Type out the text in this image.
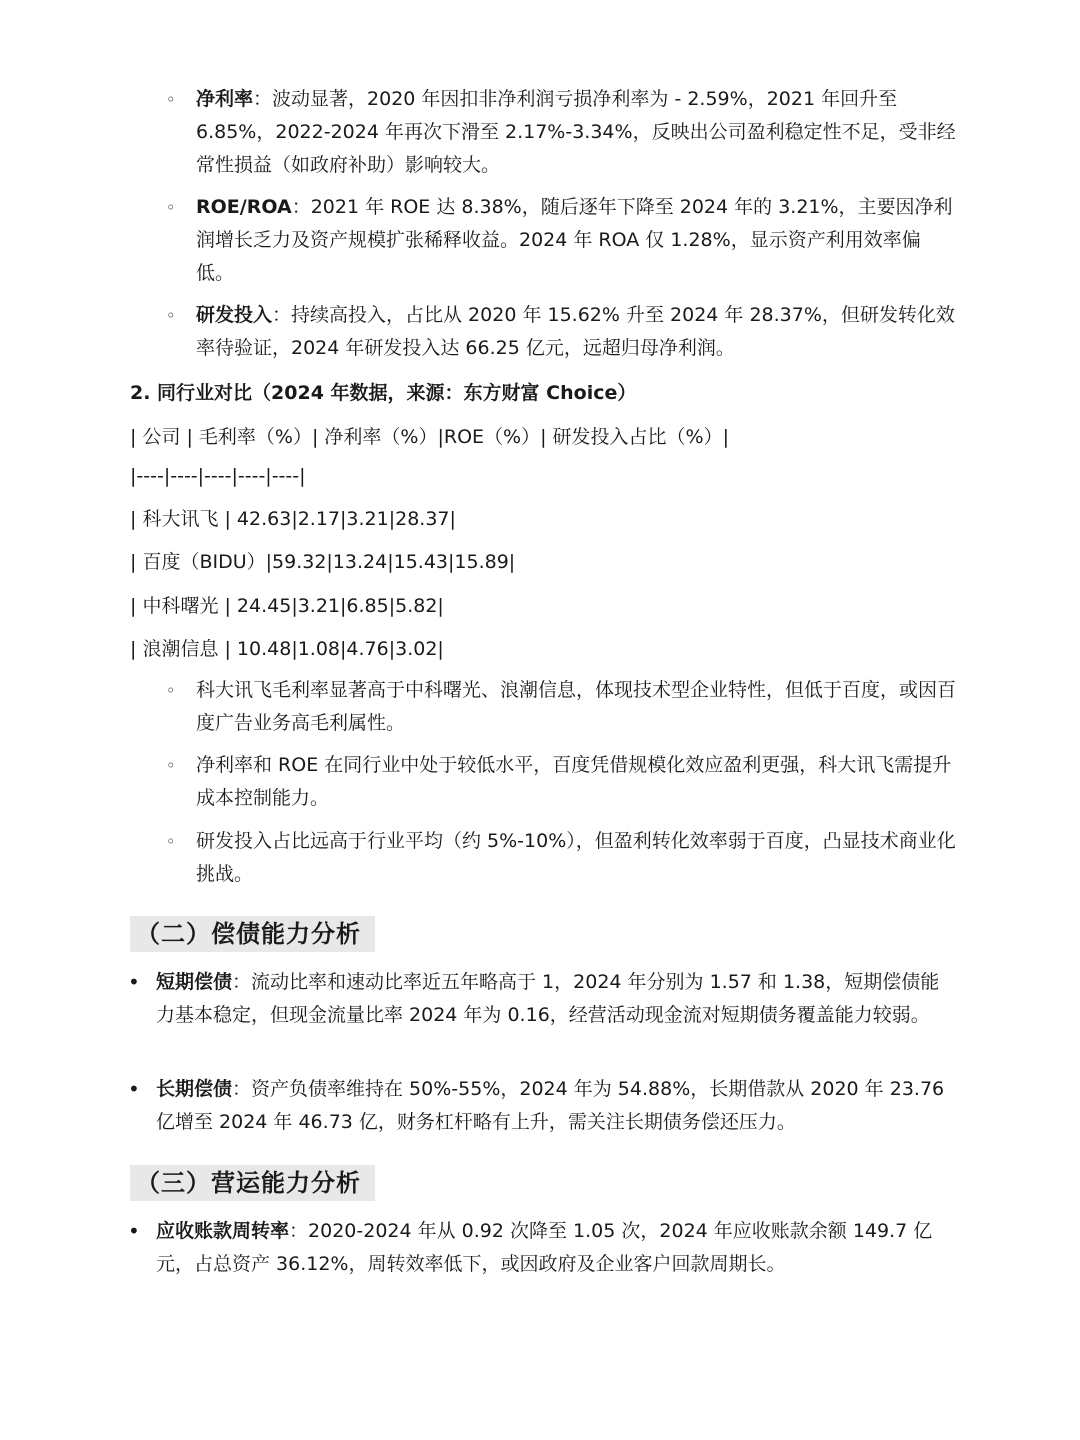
◦ 净利率：波动显著，2020 年因扣非净利润亏损净利率为 - 2.59%，2021 年回升至 6.85%，2022-2024 年再次下滑至 2.17%-3.34%，反映出公司盈利稳定性不足，受非经常性损益（如政府补助）影响较大。
◦ ROE/ROA：2021 年 ROE 达 8.38%，随后逐年下降至 2024 年的 3.21%，主要因净利润增长乏力及资产规模扩张稀释收益。2024 年 ROA 仅 1.28%，显示资产利用效率偏低。
◦ 研发投入：持续高投入，占比从 2020 年 15.62% 升至 2024 年 28.37%，但研发转化效率待验证，2024 年研发投入达 66.25 亿元，远超归母净利润。
2. 同行业对比（2024 年数据，来源：东方财富 Choice）
| 公司 | 毛利率（%）| 净利率（%）|ROE（%）| 研发投入占比（%）|
|----|----|----|----|----|
| 科大讯飞 | 42.63|2.17|3.21|28.37|
| 百度（BIDU）|59.32|13.24|15.43|15.89|
| 中科曙光 | 24.45|3.21|6.85|5.82|
| 浪潮信息 | 10.48|1.08|4.76|3.02|
◦ 科大讯飞毛利率显著高于中科曙光、浪潮信息，体现技术型企业特性，但低于百度，或因百度广告业务高毛利属性。
◦ 净利率和 ROE 在同行业中处于较低水平，百度凭借规模化效应盈利更强，科大讯飞需提升成本控制能力。
◦ 研发投入占比远高于行业平均（约 5%-10%），但盈利转化效率弱于百度，凸显技术商业化挑战。
（二）偿债能力分析
• 短期偿债：流动比率和速动比率近五年略高于 1，2024 年分别为 1.57 和 1.38，短期偿债能力基本稳定，但现金流量比率 2024 年为 0.16，经营活动现金流对短期债务覆盖能力较弱。
• 长期偿债：资产负债率维持在 50%-55%，2024 年为 54.88%，长期借款从 2020 年 23.76 亿增至 2024 年 46.73 亿，财务杠杆略有上升，需关注长期债务偿还压力。
（三）营运能力分析
• 应收账款周转率：2020-2024 年从 0.92 次降至 1.05 次，2024 年应收账款余额 149.7 亿元，占总资产 36.12%，周转效率低下，或因政府及企业客户回款周期长。
